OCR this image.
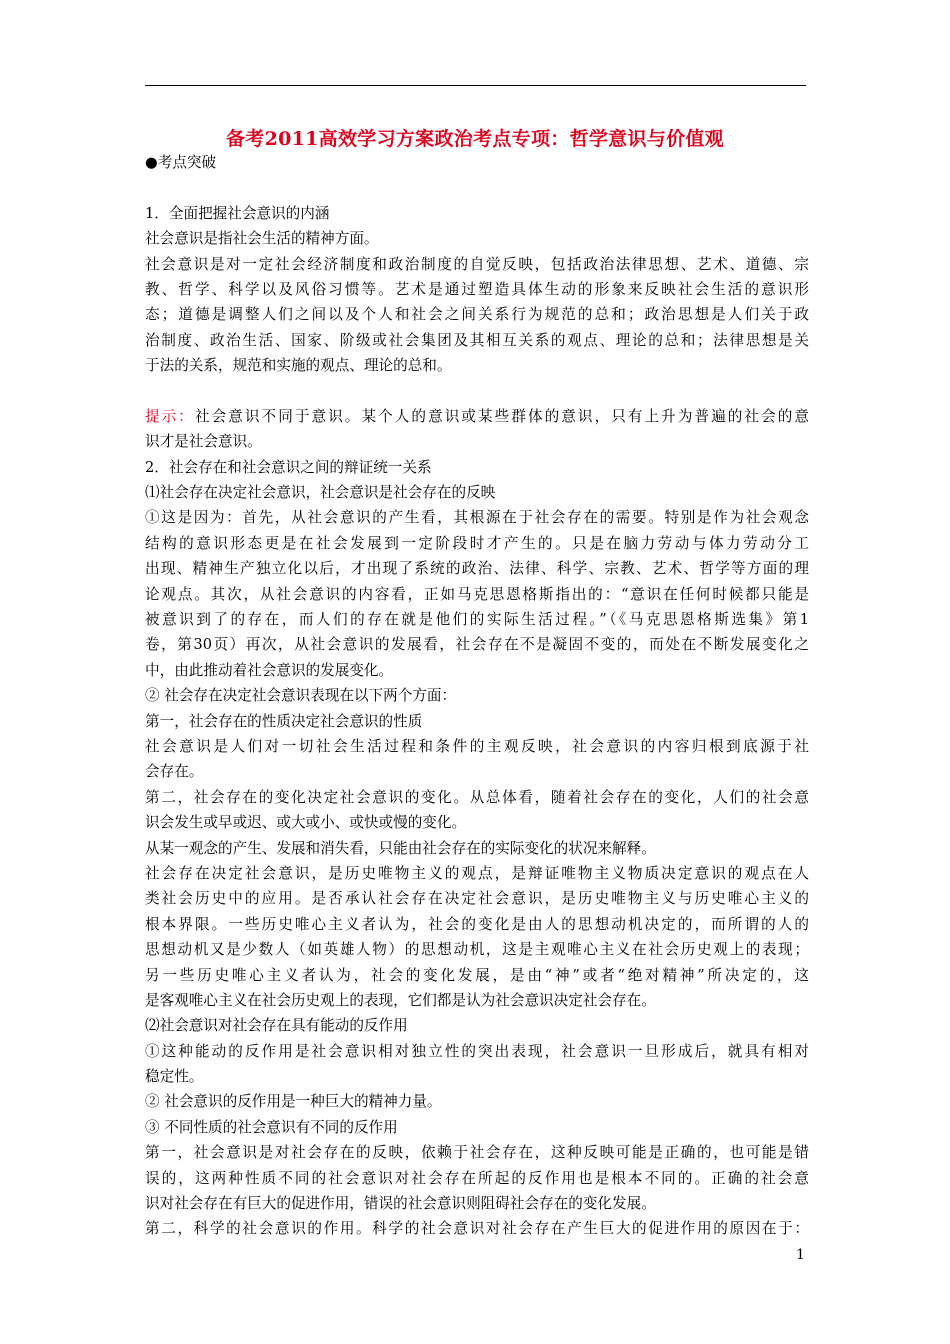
备考2011高效学习方案政治考点专项：哲学意识与价值观
●考点突破
1．全面把握社会意识的内涵
社会意识是指社会生活的精神方面。
社会意识是对一定社会经济制度和政治制度的自觉反映，包括政治法律思想、艺术、道德、宗
教、哲学、科学以及风俗习惯等。艺术是通过塑造具体生动的形象来反映社会生活的意识形
态；道德是调整人们之间以及个人和社会之间关系行为规范的总和；政治思想是人们关于政
治制度、政治生活、国家、阶级或社会集团及其相互关系的观点、理论的总和；法律思想是关
于法的关系，规范和实施的观点、理论的总和。
提示：社会意识不同于意识。某个人的意识或某些群体的意识，只有上升为普遍的社会的意
识才是社会意识。
2．社会存在和社会意识之间的辩证统一关系
⑴社会存在决定社会意识，社会意识是社会存在的反映
①这是因为：首先，从社会意识的产生看，其根源在于社会存在的需要。特别是作为社会观念
结构的意识形态更是在社会发展到一定阶段时才产生的。只是在脑力劳动与体力劳动分工
出现、精神生产独立化以后，才出现了系统的政治、法律、科学、宗教、艺术、哲学等方面的理
论观点。其次，从社会意识的内容看，正如马克思恩格斯指出的：“意识在任何时候都只能是
被意识到了的存在，而人们的存在就是他们的实际生活过程。”（《马克思恩格斯选集》第1
卷，第30页）再次，从社会意识的发展看，社会存在不是凝固不变的，而处在不断发展变化之
中，由此推动着社会意识的发展变化。
② 社会存在决定社会意识表现在以下两个方面：
第一，社会存在的性质决定社会意识的性质
社会意识是人们对一切社会生活过程和条件的主观反映，社会意识的内容归根到底源于社
会存在。
第二，社会存在的变化决定社会意识的变化。从总体看，随着社会存在的变化，人们的社会意
识会发生或早或迟、或大或小、或快或慢的变化。
从某一观念的产生、发展和消失看，只能由社会存在的实际变化的状况来解释。
社会存在决定社会意识，是历史唯物主义的观点，是辩证唯物主义物质决定意识的观点在人
类社会历史中的应用。是否承认社会存在决定社会意识，是历史唯物主义与历史唯心主义的
根本界限。一些历史唯心主义者认为，社会的变化是由人的思想动机决定的，而所谓的人的
思想动机又是少数人（如英雄人物）的思想动机，这是主观唯心主义在社会历史观上的表现；
另一些历史唯心主义者认为，社会的变化发展，是由“神”或者“绝对精神”所决定的，这
是客观唯心主义在社会历史观上的表现，它们都是认为社会意识决定社会存在。
⑵社会意识对社会存在具有能动的反作用
①这种能动的反作用是社会意识相对独立性的突出表现，社会意识一旦形成后，就具有相对
稳定性。
② 社会意识的反作用是一种巨大的精神力量。
③ 不同性质的社会意识有不同的反作用
第一，社会意识是对社会存在的反映，依赖于社会存在，这种反映可能是正确的，也可能是错
误的，这两种性质不同的社会意识对社会存在所起的反作用也是根本不同的。正确的社会意
识对社会存在有巨大的促进作用，错误的社会意识则阻碍社会存在的变化发展。
第二，科学的社会意识的作用。科学的社会意识对社会存在产生巨大的促进作用的原因在于：
1
